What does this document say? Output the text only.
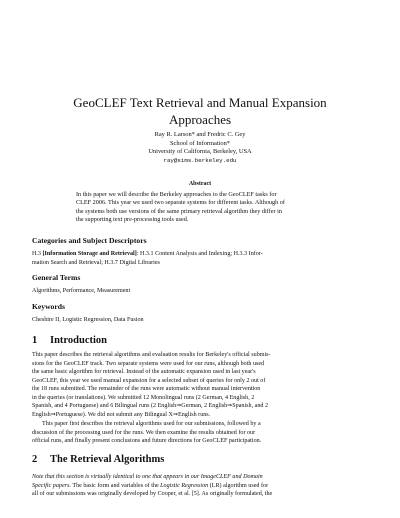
GeoCLEF Text Retrieval and Manual Expansion
Approaches
Ray R. Larson* and Fredric C. Gey
School of Information*
University of California, Berkeley, USA
ray@sims.berkeley.edu
Abstract
In this paper we will describe the Berkeley approaches to the GeoCLEF tasks for
CLEF 2006. This year we used two separate systems for different tasks. Although of
the systems both use versions of the same primary retrieval algorithm they differ in
the supporting text pre-processing tools used.
Categories and Subject Descriptors
H.3 [Information Storage and Retrieval]: H.3.1 Content Analysis and Indexing; H.3.3 Infor-
mation Search and Retrieval; H.3.7 Digital Libraries
General Terms
Algorithms, Performance, Measurement
Keywords
Cheshire II, Logistic Regression, Data Fusion
1 Introduction
This paper describes the retrieval algorithms and evaluation results for Berkeley's official submis-
sions for the GeoCLEF track. Two separate systems were used for our runs, although both used
the same basic algorithm for retrieval. Instead of the automatic expansion used in last year's
GeoCLEF, this year we used manual expansion for a selected subset of queries for only 2 out of
the 18 runs submitted. The remainder of the runs were automatic without manual intervention
in the queries (or translations). We submitted 12 Monolingual runs (2 German, 4 English, 2
Spanish, and 4 Portuguese) and 6 Bilingual runs (2 English⇒German, 2 English⇒Spanish, and 2
English⇒Portuguese). We did not submit any Bilingual X⇒English runs.
This paper first describes the retrieval algorithms used for our submissions, followed by a
discussion of the processing used for the runs. We then examine the results obtained for our
official runs, and finally present conclusions and future directions for GeoCLEF participation.
2 The Retrieval Algorithms
Note that this section is virtually identical to one that appears in our ImageCLEF and Domain
Specific papers. The basic form and variables of the Logistic Regression (LR) algorithm used for
all of our submissions was originally developed by Cooper, et al. [5]. As originally formulated, the
